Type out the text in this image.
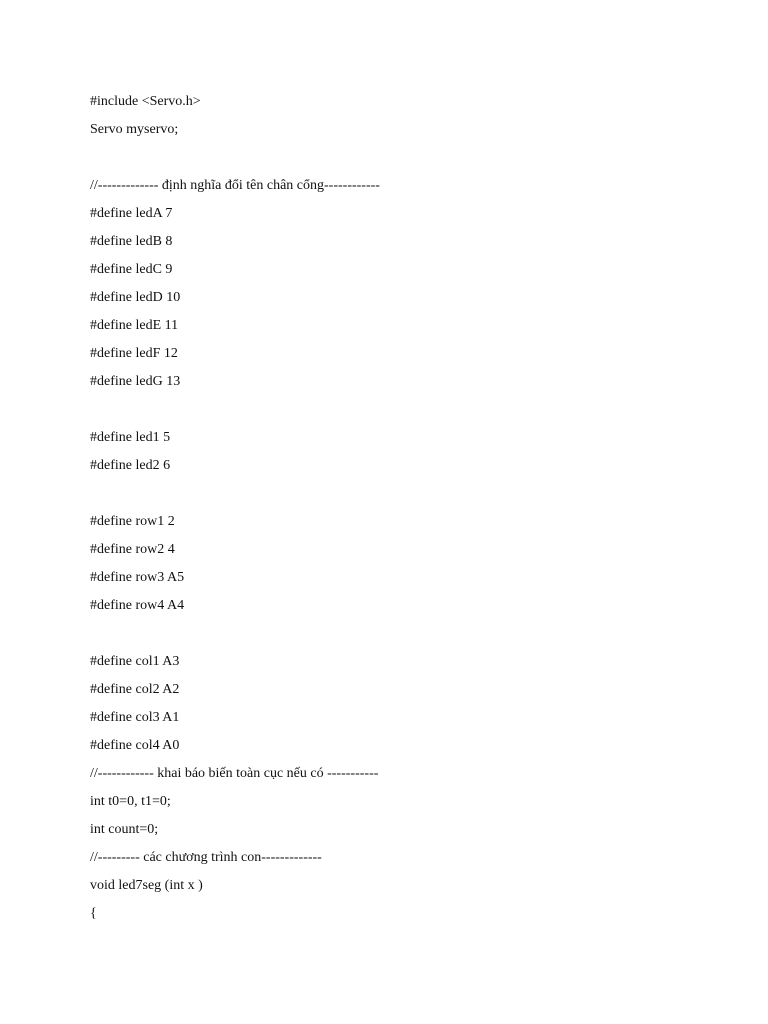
#include <Servo.h>
Servo myservo;
//------------- định nghĩa đổi tên chân cổng------------
#define ledA 7
#define ledB 8
#define ledC 9
#define ledD 10
#define ledE 11
#define ledF 12
#define ledG 13
#define led1 5
#define led2 6
#define row1 2
#define row2 4
#define row3 A5
#define row4 A4
#define col1 A3
#define col2 A2
#define col3 A1
#define col4 A0
//------------ khai báo biến toàn cục nếu có -----------
int t0=0, t1=0;
int count=0;
//--------- các chương trình con-------------
void led7seg (int x )
{
